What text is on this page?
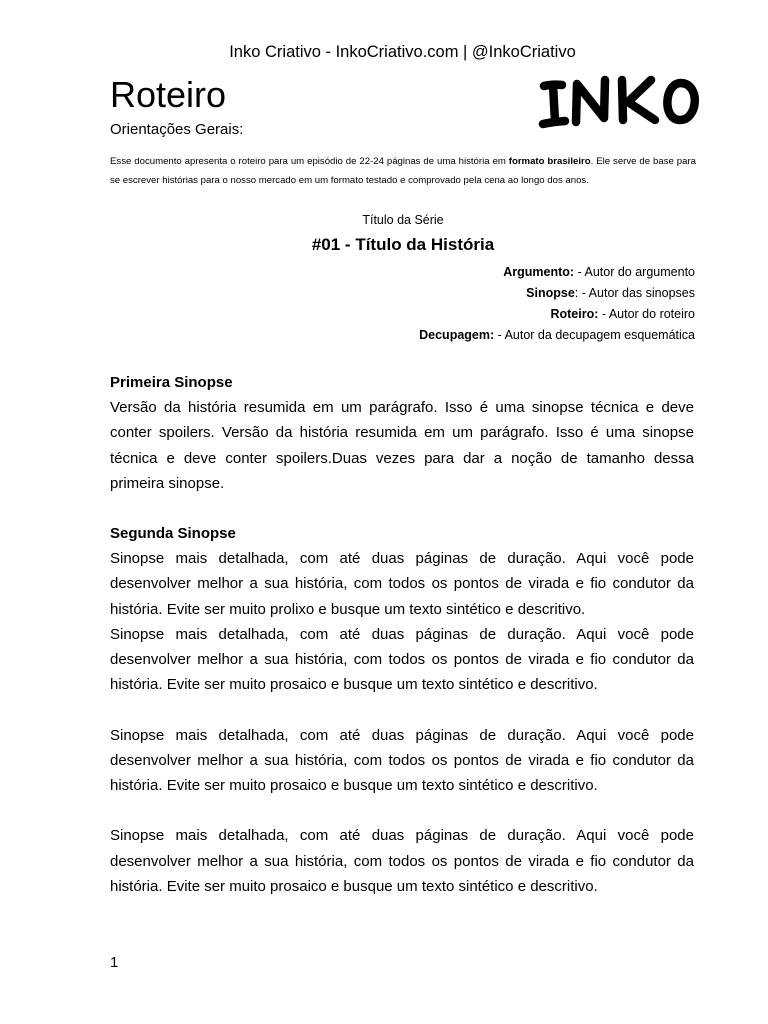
Inko Criativo - InkoCriativo.com | @InkoCriativo
Roteiro
Orientações Gerais:
Esse documento apresenta o roteiro para um episódio de 22-24 páginas de uma história em formato brasileiro. Ele serve de base para se escrever histórias para o nosso mercado em um formato testado e comprovado pela cena ao longo dos anos.
Título da Série
#01 - Título da História
Argumento: - Autor do argumento
Sinopse: - Autor das sinopses
Roteiro: - Autor do roteiro
Decupagem: - Autor da decupagem esquemática
Primeira Sinopse

Versão da história resumida em um parágrafo. Isso é uma sinopse técnica e deve conter spoilers. Versão da história resumida em um parágrafo. Isso é uma sinopse técnica e deve conter spoilers.Duas vezes para dar a noção de tamanho dessa primeira sinopse.

Segunda Sinopse

Sinopse mais detalhada, com até duas páginas de duração. Aqui você pode desenvolver melhor a sua história, com todos os pontos de virada e fio condutor da história. Evite ser muito prolixo e busque um texto sintético e descritivo.

Sinopse mais detalhada, com até duas páginas de duração. Aqui você pode desenvolver melhor a sua história, com todos os pontos de virada e fio condutor da história. Evite ser muito prosaico e busque um texto sintético e descritivo.

Sinopse mais detalhada, com até duas páginas de duração. Aqui você pode desenvolver melhor a sua história, com todos os pontos de virada e fio condutor da história. Evite ser muito prosaico e busque um texto sintético e descritivo.

Sinopse mais detalhada, com até duas páginas de duração. Aqui você pode desenvolver melhor a sua história, com todos os pontos de virada e fio condutor da história. Evite ser muito prosaico e busque um texto sintético e descritivo.

1
